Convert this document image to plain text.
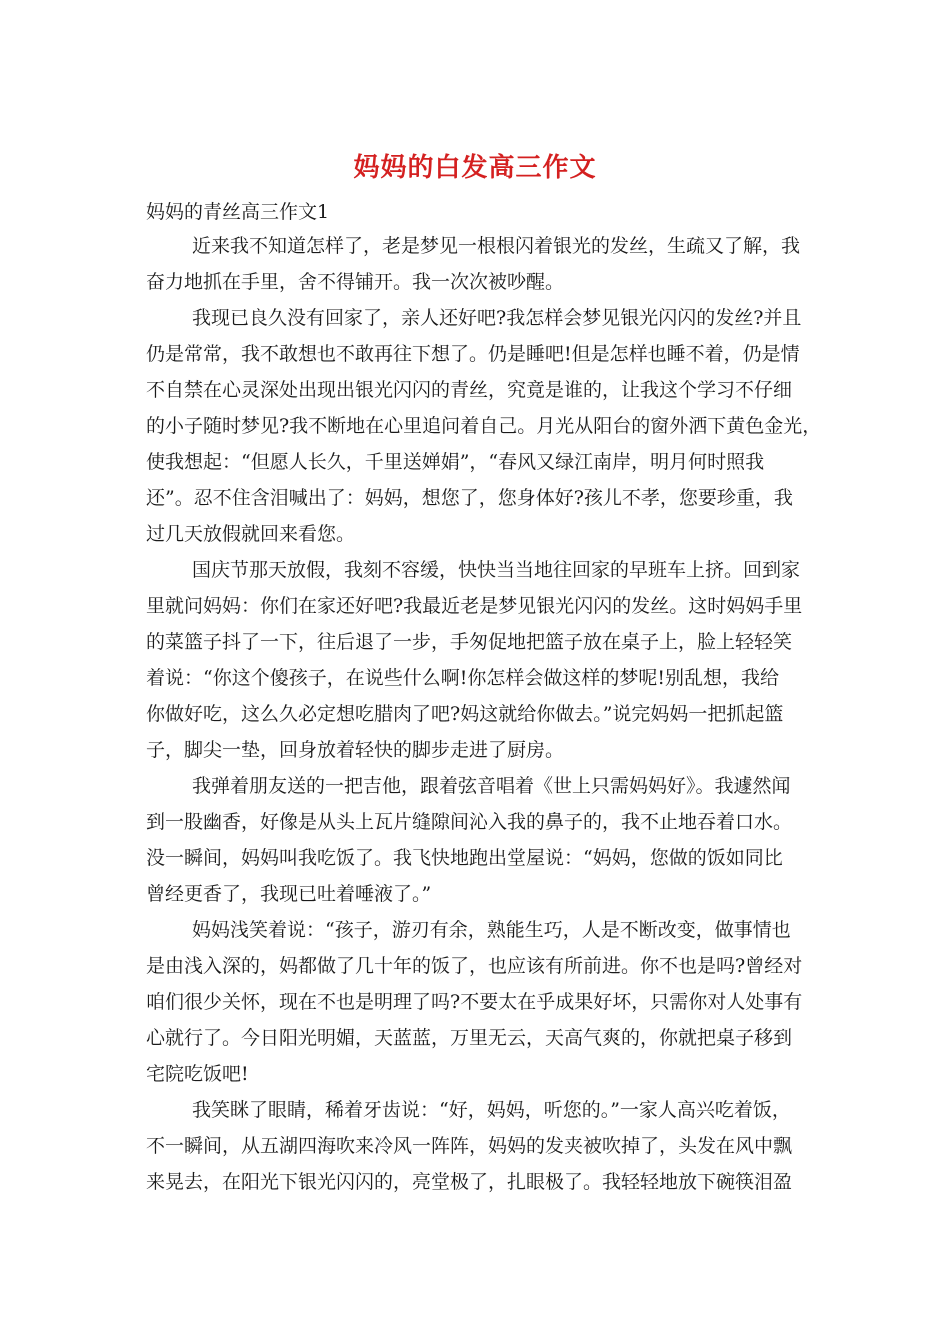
妈妈的白发高三作文
妈妈的青丝高三作文1
近来我不知道怎样了，老是梦见一根根闪着银光的发丝，生疏又了解，我
奋力地抓在手里，舍不得铺开。我一次次被吵醒。
我现已良久没有回家了，亲人还好吧?我怎样会梦见银光闪闪的发丝?并且
仍是常常，我不敢想也不敢再往下想了。仍是睡吧!但是怎样也睡不着，仍是情
不自禁在心灵深处出现出银光闪闪的青丝，究竟是谁的，让我这个学习不仔细
的小子随时梦见?我不断地在心里追问着自己。月光从阳台的窗外洒下黄色金光，
使我想起：“但愿人长久，千里送婵娟”，“春风又绿江南岸，明月何时照我
还”。忍不住含泪喊出了：妈妈，想您了，您身体好?孩儿不孝，您要珍重，我
过几天放假就回来看您。
国庆节那天放假，我刻不容缓，快快当当地往回家的早班车上挤。回到家
里就问妈妈：你们在家还好吧?我最近老是梦见银光闪闪的发丝。这时妈妈手里
的菜篮子抖了一下，往后退了一步，手匆促地把篮子放在桌子上，脸上轻轻笑
着说：“你这个傻孩子，在说些什么啊!你怎样会做这样的梦呢!别乱想，我给
你做好吃，这么久必定想吃腊肉了吧?妈这就给你做去。”说完妈妈一把抓起篮
子，脚尖一垫，回身放着轻快的脚步走进了厨房。
我弹着朋友送的一把吉他，跟着弦音唱着《世上只需妈妈好》。我遽然闻
到一股幽香，好像是从头上瓦片缝隙间沁入我的鼻子的，我不止地吞着口水。
没一瞬间，妈妈叫我吃饭了。我飞快地跑出堂屋说：“妈妈，您做的饭如同比
曾经更香了，我现已吐着唾液了。”
妈妈浅笑着说：“孩子，游刃有余，熟能生巧，人是不断改变，做事情也
是由浅入深的，妈都做了几十年的饭了，也应该有所前进。你不也是吗?曾经对
咱们很少关怀，现在不也是明理了吗?不要太在乎成果好坏，只需你对人处事有
心就行了。今日阳光明媚，天蓝蓝，万里无云，天高气爽的，你就把桌子移到
宅院吃饭吧!
我笑眯了眼睛，稀着牙齿说：“好，妈妈，听您的。”一家人高兴吃着饭，
不一瞬间，从五湖四海吹来冷风一阵阵，妈妈的发夹被吹掉了，头发在风中飘
来晃去，在阳光下银光闪闪的，亮堂极了，扎眼极了。我轻轻地放下碗筷泪盈
